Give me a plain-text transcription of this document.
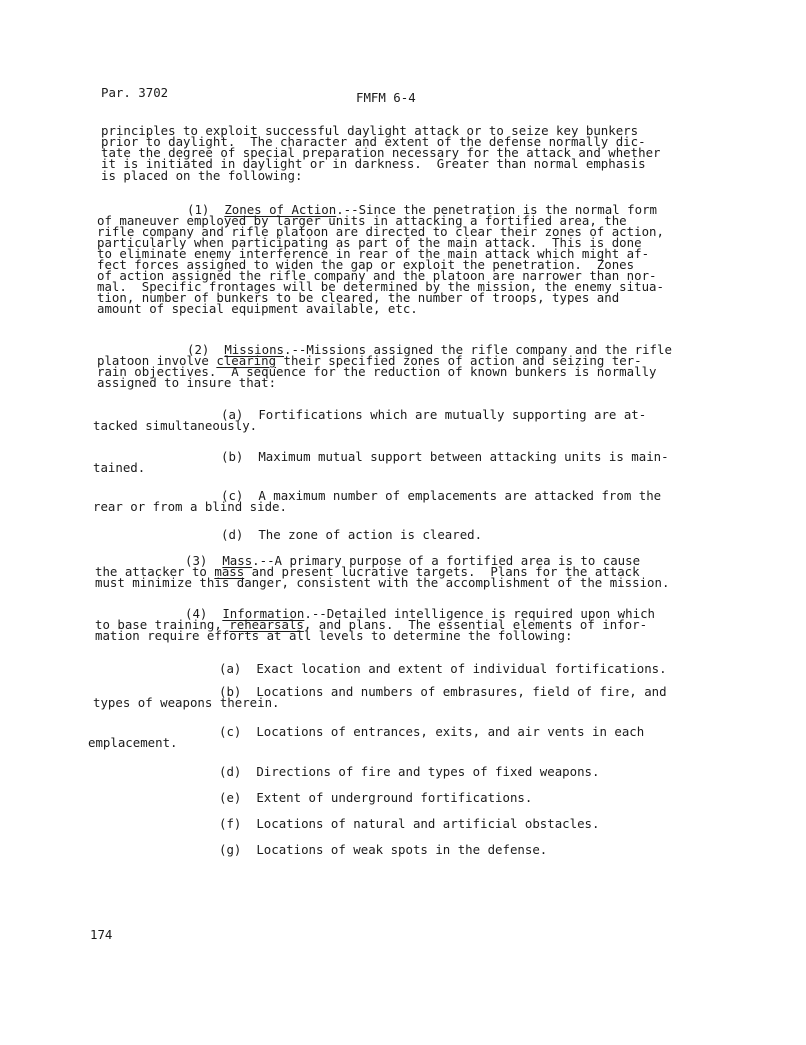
Par. 3702	FMFM 6-4
principles to exploit successful daylight attack or to seize key bunkers
prior to daylight.  The character and extent of the defense normally dic-
tate the degree of special preparation necessary for the attack and whether
it is initiated in daylight or in darkness.  Greater than normal emphasis
is placed on the following:
(1) Zones of Action.--Since the penetration is the normal form
of maneuver employed by larger units in attacking a fortified area, the
rifle company and rifle platoon are directed to clear their zones of action,
particularly when participating as part of the main attack.  This is done
to eliminate enemy interference in rear of the main attack which might af-
fect forces assigned to widen the gap or exploit the penetration.  Zones
of action assigned the rifle company and the platoon are narrower than nor-
mal.  Specific frontages will be determined by the mission, the enemy situa-
tion, number of bunkers to be cleared, the number of troops, types and
amount of special equipment available, etc.
(2) Missions.--Missions assigned the rifle company and the rifle
platoon involve clearing their specified zones of action and seizing ter-
rain objectives.  A sequence for the reduction of known bunkers is normally
assigned to insure that:
(a) Fortifications which are mutually supporting are at-
tacked simultaneously.
(b) Maximum mutual support between attacking units is main-
tained.
(c) A maximum number of emplacements are attacked from the
rear or from a blind side.
(d) The zone of action is cleared.
(3) Mass.--A primary purpose of a fortified area is to cause
the attacker to mass and present lucrative targets.  Plans for the attack
must minimize this danger, consistent with the accomplishment of the mission.
(4) Information.--Detailed intelligence is required upon which
to base training, rehearsals, and plans.  The essential elements of infor-
mation require efforts at all levels to determine the following:
(a) Exact location and extent of individual fortifications.
(b) Locations and numbers of embrasures, field of fire, and
types of weapons therein.
(c) Locations of entrances, exits, and air vents in each
emplacement.
(d) Directions of fire and types of fixed weapons.
(e) Extent of underground fortifications.
(f) Locations of natural and artificial obstacles.
(g) Locations of weak spots in the defense.
174
